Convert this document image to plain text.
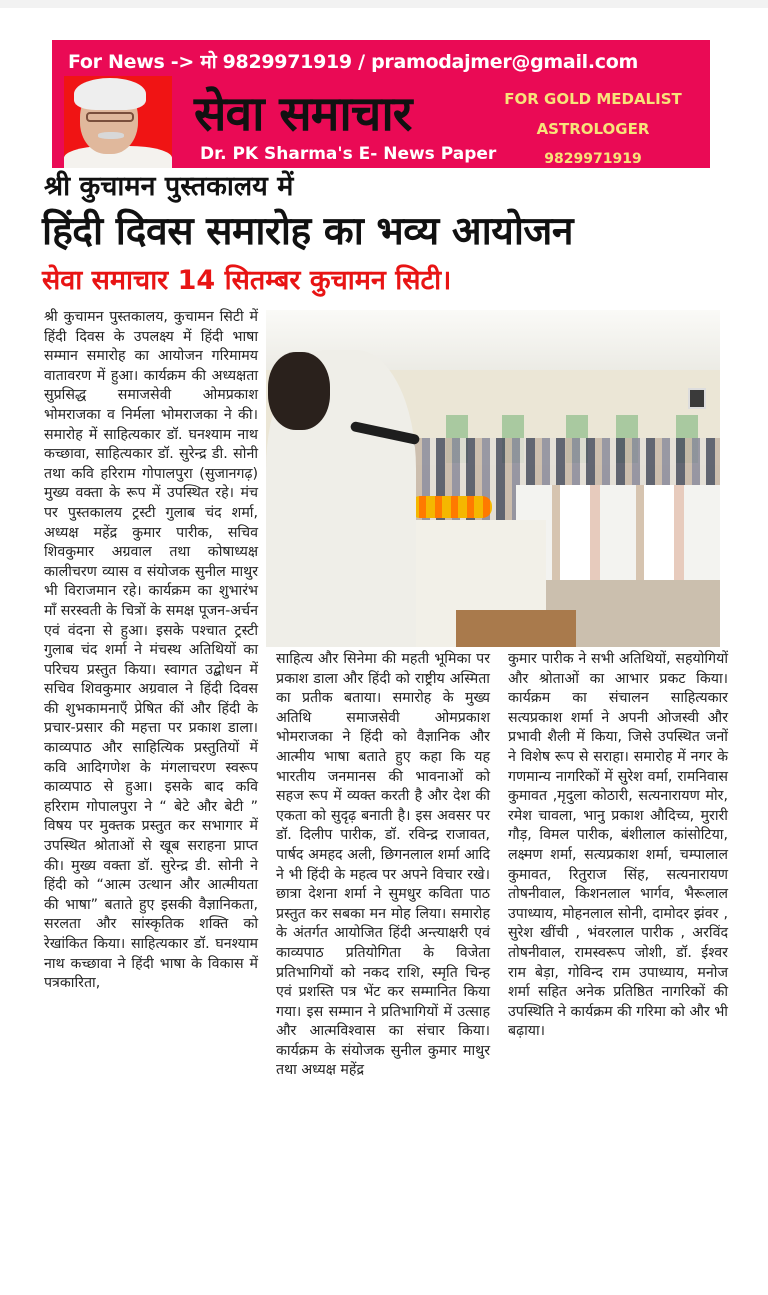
For News -> मो 9829971919 / pramodajmer@gmail.com
सेवा समाचार
Dr. PK Sharma's E- News Paper
FOR GOLD MEDALIST
ASTROLOGER
9829971919
श्री कुचामन पुस्तकालय में
हिंदी दिवस समारोह का भव्य आयोजन
सेवा समाचार 14 सितम्बर कुचामन सिटी।

श्री कुचामन पुस्तकालय, कुचामन सिटी में हिंदी दिवस के उपलक्ष्य में हिंदी भाषा सम्मान समारोह का आयोजन गरिमामय वातावरण में हुआ। कार्यक्रम की अध्यक्षता सुप्रसिद्ध समाजसेवी ओमप्रकाश भोमराजका व निर्मला भोमराजका ने की। समारोह में साहित्यकार डॉ. घनश्याम नाथ कच्छावा, साहित्यकार डॉ. सुरेन्द्र डी. सोनी तथा कवि हरिराम गोपालपुरा (सुजानगढ़) मुख्य वक्ता के रूप में उपस्थित रहे। मंच पर पुस्तकालय ट्रस्टी गुलाब चंद शर्मा, अध्यक्ष महेंद्र कुमार पारीक, सचिव शिवकुमार अग्रवाल तथा कोषाध्यक्ष कालीचरण व्यास व संयोजक सुनील माथुर भी विराजमान रहे। कार्यक्रम का शुभारंभ माँ सरस्वती के चित्रों के समक्ष पूजन-अर्चन एवं वंदना से हुआ। इसके पश्चात ट्रस्टी गुलाब चंद शर्मा ने मंचस्थ अतिथियों का परिचय प्रस्तुत किया। स्वागत उद्बोधन में सचिव शिवकुमार अग्रवाल ने हिंदी दिवस की शुभकामनाएँ प्रेषित कीं और हिंदी के प्रचार-प्रसार की महत्ता पर प्रकाश डाला। काव्यपाठ और साहित्यिक प्रस्तुतियों में कवि आदिगणेश के मंगलाचरण स्वरूप काव्यपाठ से हुआ। इसके बाद कवि हरिराम गोपालपुरा ने “ बेटे और बेटी ” विषय पर मुक्तक प्रस्तुत कर सभागार में उपस्थित श्रोताओं से खूब सराहना प्राप्त की। मुख्य वक्ता डॉ. सुरेन्द्र डी. सोनी ने हिंदी को “आत्म उत्थान और आत्मीयता की भाषा” बताते हुए इसकी वैज्ञानिकता, सरलता और सांस्कृतिक शक्ति को रेखांकित किया। साहित्यकार डॉ. घनश्याम नाथ कच्छावा ने हिंदी भाषा के विकास में पत्रकारिता,

साहित्य और सिनेमा की महती भूमिका पर प्रकाश डाला और हिंदी को राष्ट्रीय अस्मिता का प्रतीक बताया। समारोह के मुख्य अतिथि समाजसेवी ओमप्रकाश भोमराजका ने हिंदी को वैज्ञानिक और आत्मीय भाषा बताते हुए कहा कि यह भारतीय जनमानस की भावनाओं को सहज रूप में व्यक्त करती है और देश की एकता को सुदृढ़ बनाती है। इस अवसर पर डॉ. दिलीप पारीक, डॉ. रविन्द्र राजावत, पार्षद अमहद अली, छिगनलाल शर्मा आदि ने भी हिंदी के महत्व पर अपने विचार रखे। छात्रा देशना शर्मा ने सुमधुर कविता पाठ प्रस्तुत कर सबका मन मोह लिया। समारोह के अंतर्गत आयोजित हिंदी अन्त्याक्षरी एवं काव्यपाठ प्रतियोगिता के विजेता प्रतिभागियों को नकद राशि, स्मृति चिन्ह एवं प्रशस्ति पत्र भेंट कर सम्मानित किया गया। इस सम्मान ने प्रतिभागियों में उत्साह और आत्मविश्वास का संचार किया। कार्यक्रम के संयोजक सुनील कुमार माथुर तथा अध्यक्ष महेंद्र

कुमार पारीक ने सभी अतिथियों, सहयोगियों और श्रोताओं का आभार प्रकट किया। कार्यक्रम का संचालन साहित्यकार सत्यप्रकाश शर्मा ने अपनी ओजस्वी और प्रभावी शैली में किया, जिसे उपस्थित जनों ने विशेष रूप से सराहा। समारोह में नगर के गणमान्य नागरिकों में सुरेश वर्मा, रामनिवास कुमावत ,मृदुला कोठारी, सत्यनारायण मोर, रमेश चावला, भानु प्रकाश औदिच्य, मुरारी गौड़, विमल पारीक, बंशीलाल कांसोटिया, लक्ष्मण शर्मा, सत्यप्रकाश शर्मा, चम्पालाल कुमावत, रितुराज सिंह, सत्यनारायण तोषनीवाल, किशनलाल भार्गव, भैरूलाल उपाध्याय, मोहनलाल सोनी, दामोदर झंवर , सुरेश खींची , भंवरलाल पारीक , अरविंद तोषनीवाल, रामस्वरूप जोशी, डॉ. ईश्वर राम बेड़ा, गोविन्द राम उपाध्याय, मनोज शर्मा सहित अनेक प्रतिष्ठित नागरिकों की उपस्थिति ने कार्यक्रम की गरिमा को और भी बढ़ाया।
